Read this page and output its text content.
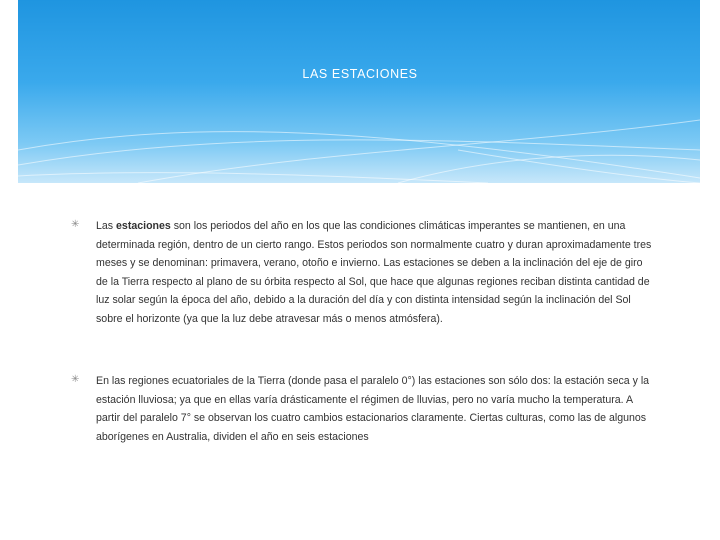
LAS ESTACIONES
✳ Las estaciones son los periodos del año en los que las condiciones climáticas imperantes se mantienen, en una determinada región, dentro de un cierto rango. Estos periodos son normalmente cuatro y duran aproximadamente tres meses y se denominan: primavera, verano, otoño e invierno. Las estaciones se deben a la inclinación del eje de giro de la Tierra respecto al plano de su órbita respecto al Sol, que hace que algunas regiones reciban distinta cantidad de luz solar según la época del año, debido a la duración del día y con distinta intensidad según la inclinación del Sol sobre el horizonte (ya que la luz debe atravesar más o menos atmósfera).
✳ En las regiones ecuatoriales de la Tierra (donde pasa el paralelo 0°) las estaciones son sólo dos: la estación seca y la estación lluviosa; ya que en ellas varía drásticamente el régimen de lluvias, pero no varía mucho la temperatura. A partir del paralelo 7° se observan los cuatro cambios estacionarios claramente. Ciertas culturas, como las de algunos aborígenes en Australia, dividen el año en seis estaciones
